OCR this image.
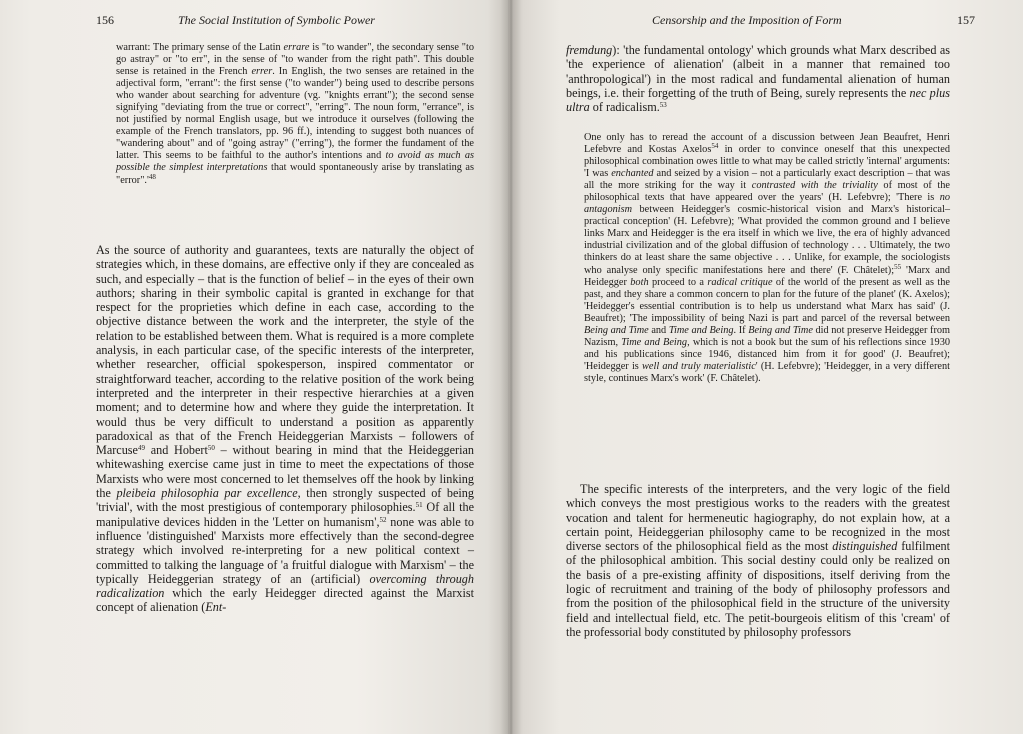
156	The Social Institution of Symbolic Power
warrant: The primary sense of the Latin errare is "to wander", the secondary sense "to go astray" or "to err", in the sense of "to wander from the right path". This double sense is retained in the French errer. In English, the two senses are retained in the adjectival form, "errant": the first sense ("to wander") being used to describe persons who wander about searching for adventure (vg. "knights errant"); the second sense signifying "deviating from the true or correct", "erring". The noun form, "errance", is not justified by normal English usage, but we introduce it ourselves (following the example of the French translators, pp. 96 ff.), intending to suggest both nuances of "wandering about" and of "going astray" ("erring"), the former the fundament of the latter. This seems to be faithful to the author's intentions and to avoid as much as possible the simplest interpretations that would spontaneously arise by translating as "error".'$^{48}$
As the source of authority and guarantees, texts are naturally the object of strategies which, in these domains, are effective only if they are concealed as such, and especially – that is the function of belief – in the eyes of their own authors; sharing in their symbolic capital is granted in exchange for that respect for the proprieties which define in each case, according to the objective distance between the work and the interpreter, the style of the relation to be established between them. What is required is a more complete analysis, in each particular case, of the specific interests of the interpreter, whether researcher, official spokesperson, inspired commentator or straightforward teacher, according to the relative position of the work being interpreted and the interpreter in their respective hierarchies at a given moment; and to determine how and where they guide the interpretation. It would thus be very difficult to understand a position as apparently paradoxical as that of the French Heideggerian Marxists – followers of Marcuse$^{49}$ and Hobert$^{50}$ – without bearing in mind that the Heideggerian whitewashing exercise came just in time to meet the expectations of those Marxists who were most concerned to let themselves off the hook by linking the pleibeia philosophia par excellence, then strongly suspected of being 'trivial', with the most prestigious of contemporary philosophies.$^{51}$ Of all the manipulative devices hidden in the 'Letter on humanism',$^{52}$ none was able to influence 'distinguished' Marxists more effectively than the second-degree strategy which involved re-interpreting for a new political context – committed to talking the language of 'a fruitful dialogue with Marxism' – the typically Heideggerian strategy of an (artificial) overcoming through radicalization which the early Heidegger directed against the Marxist concept of alienation (Ent-
Censorship and the Imposition of Form	157
fremdung): 'the fundamental ontology' which grounds what Marx described as 'the experience of alienation' (albeit in a manner that remained too 'anthropological') in the most radical and fundamental alienation of human beings, i.e. their forgetting of the truth of Being, surely represents the nec plus ultra of radicalism.$^{53}$
One only has to reread the account of a discussion between Jean Beaufret, Henri Lefebvre and Kostas Axelos$^{54}$ in order to convince oneself that this unexpected philosophical combination owes little to what may be called strictly 'internal' arguments: 'I was enchanted and seized by a vision – not a particularly exact description – that was all the more striking for the way it contrasted with the triviality of most of the philosophical texts that have appeared over the years' (H. Lefebvre); 'There is no antagonism between Heidegger's cosmic-historical vision and Marx's historical–practical conception' (H. Lefebvre); 'What provided the common ground and I believe links Marx and Heidegger is the era itself in which we live, the era of highly advanced industrial civilization and of the global diffusion of technology . . . Ultimately, the two thinkers do at least share the same objective . . . Unlike, for example, the sociologists who analyse only specific manifestations here and there' (F. Châtelet);$^{55}$ 'Marx and Heidegger both proceed to a radical critique of the world of the present as well as the past, and they share a common concern to plan for the future of the planet' (K. Axelos); 'Heidegger's essential contribution is to help us understand what Marx has said' (J. Beaufret); 'The impossibility of being Nazi is part and parcel of the reversal between Being and Time and Time and Being. If Being and Time did not preserve Heidegger from Nazism, Time and Being, which is not a book but the sum of his reflections since 1930 and his publications since 1946, distanced him from it for good' (J. Beaufret); 'Heidegger is well and truly materialistic' (H. Lefebvre); 'Heidegger, in a very different style, continues Marx's work' (F. Châtelet).
The specific interests of the interpreters, and the very logic of the field which conveys the most prestigious works to the readers with the greatest vocation and talent for hermeneutic hagiography, do not explain how, at a certain point, Heideggerian philosophy came to be recognized in the most diverse sectors of the philosophical field as the most distinguished fulfilment of the philosophical ambition. This social destiny could only be realized on the basis of a pre-existing affinity of dispositions, itself deriving from the logic of recruitment and training of the body of philosophy professors and from the position of the philosophical field in the structure of the university field and intellectual field, etc. The petit-bourgeois elitism of this 'cream' of the professorial body constituted by philosophy professors
